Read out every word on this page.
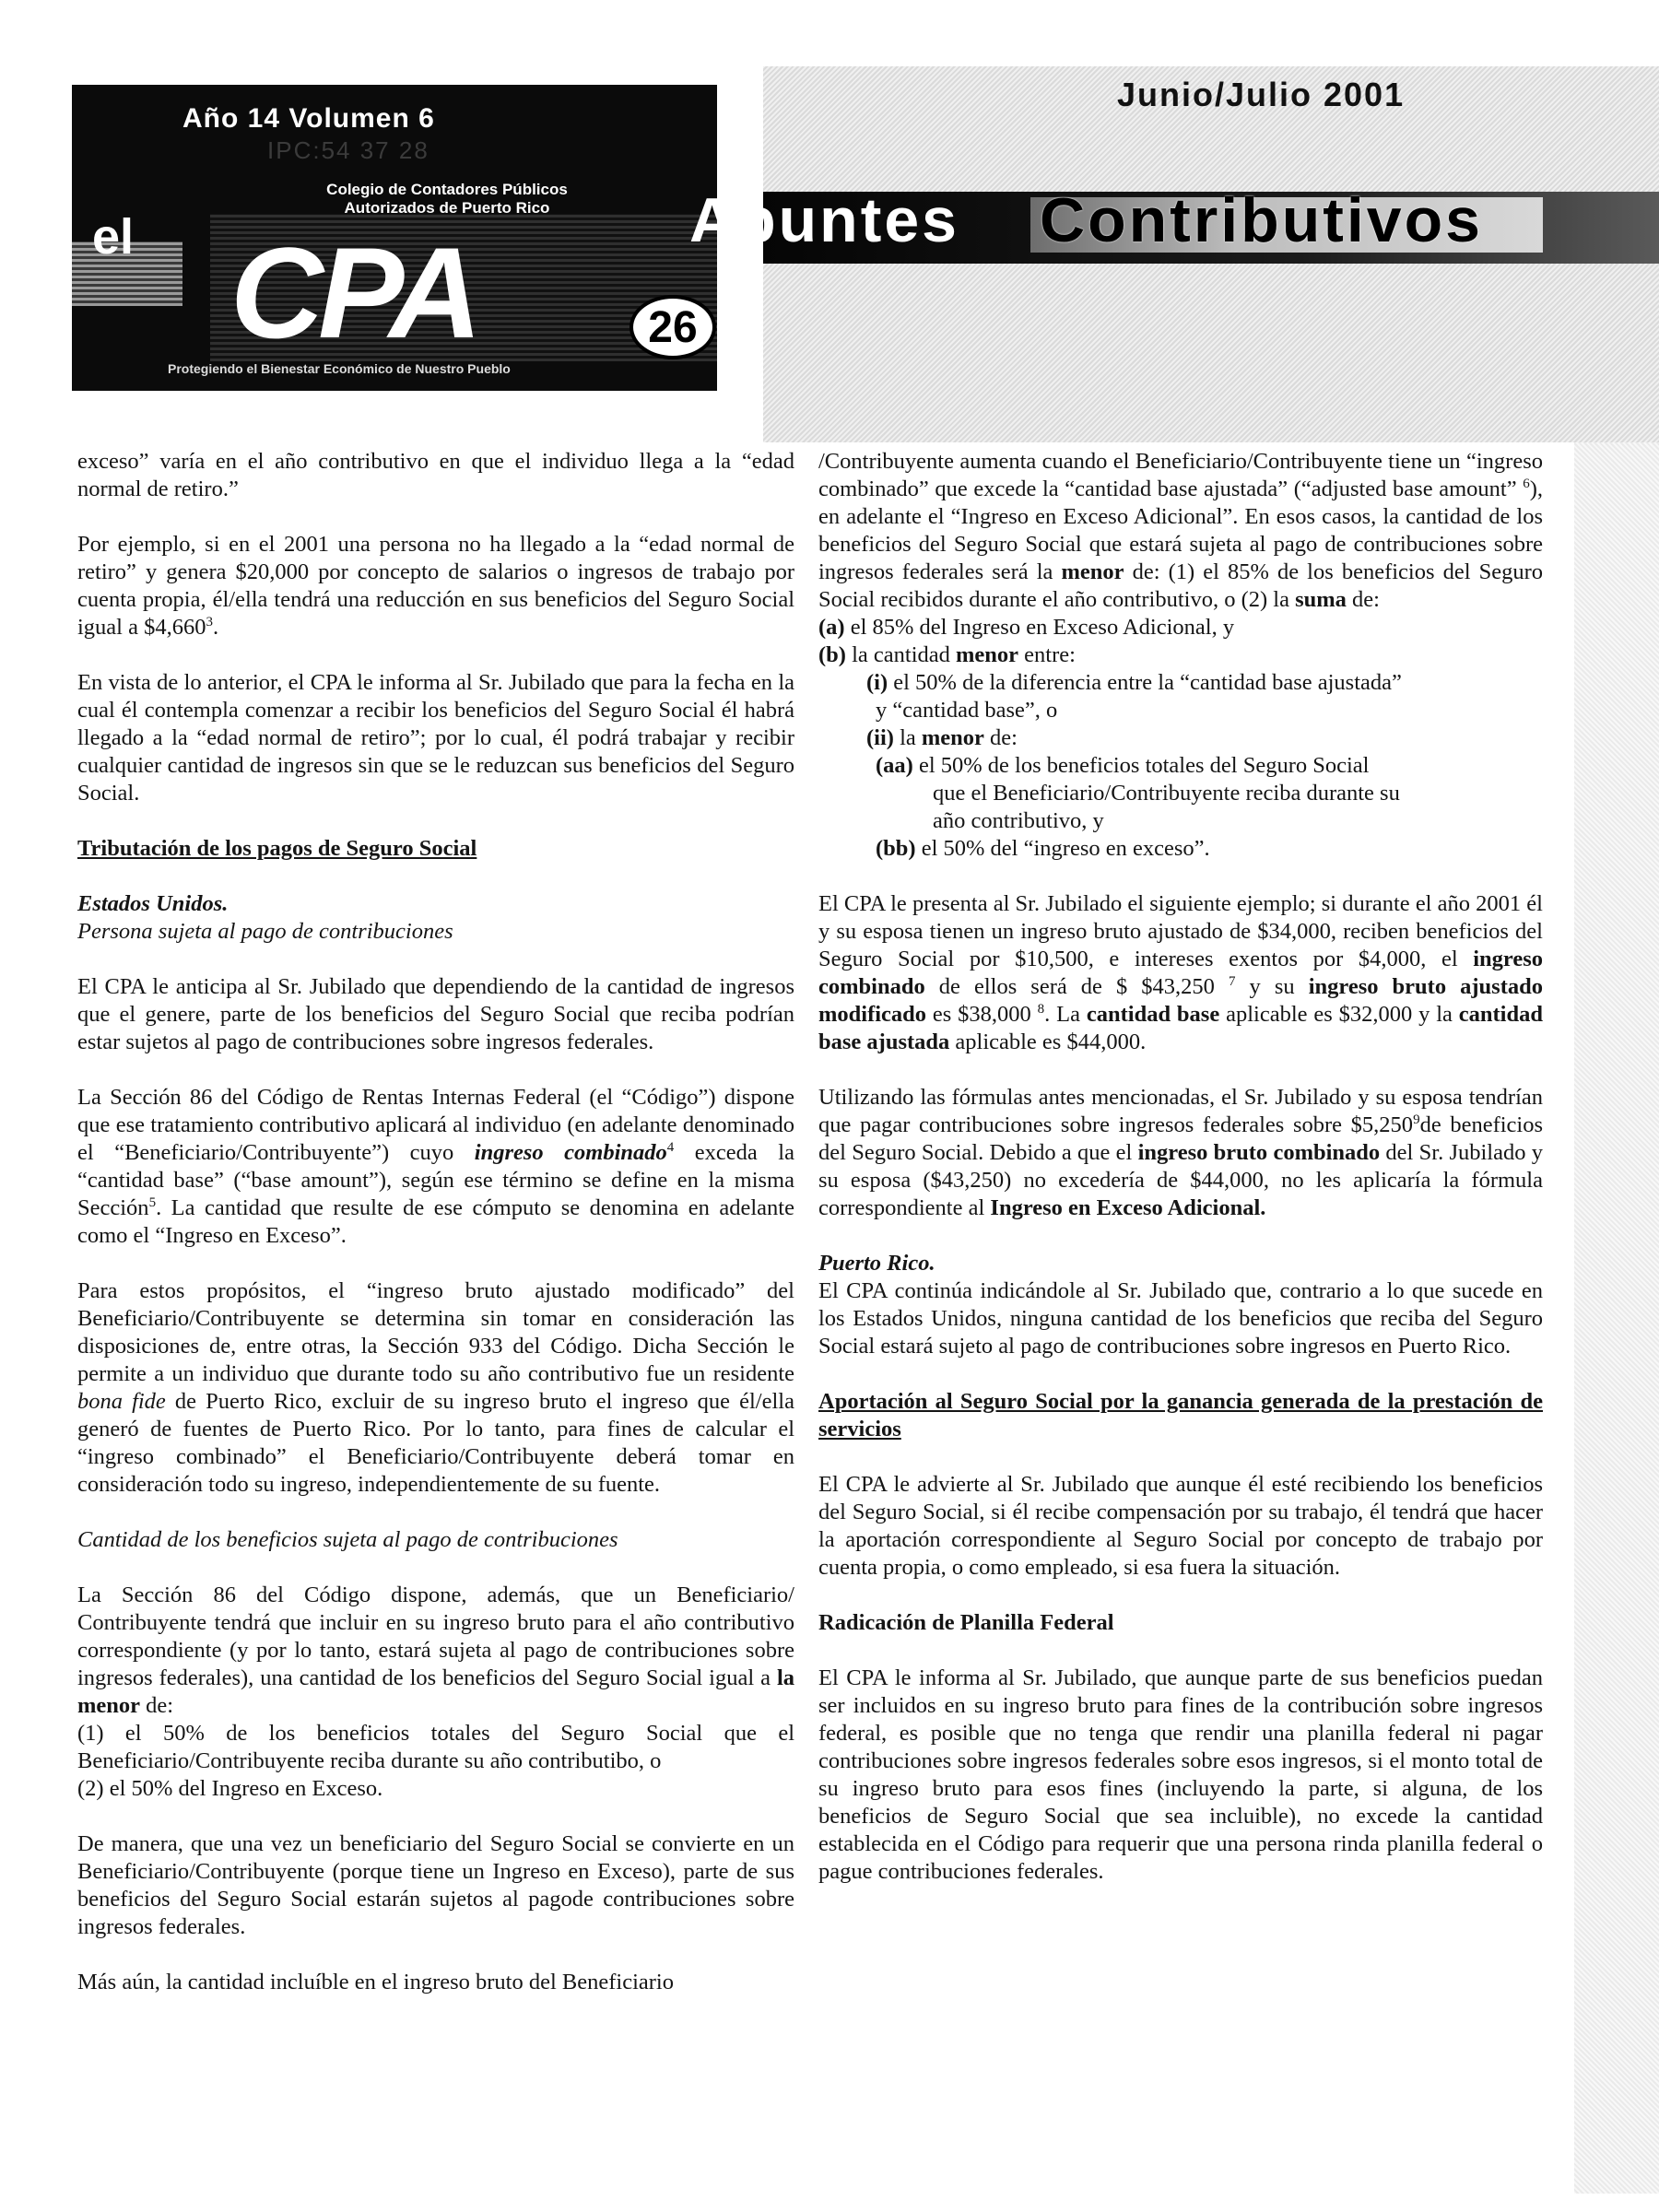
Año 14 Volumen 6
IPC:54 37 28
el
Colegio de Contadores Públicos Autorizados de Puerto Rico
CPA
Protegiendo el Bienestar Económico de Nuestro Pueblo
26
Junio/Julio 2001
Apuntes Contributivos

exceso” varía en el año contributivo en que el individuo llega a la “edad normal de retiro.”

Por ejemplo, si en el 2001 una persona no ha llegado a la “edad normal de retiro” y genera $20,000 por concepto de salarios o ingresos de trabajo por cuenta propia, él/ella tendrá una reducción en sus beneficios del Seguro Social igual a $4,660$^3$.

En vista de lo anterior, el CPA le informa al Sr. Jubilado que para la fecha en la cual él contempla comenzar a recibir los beneficios del Seguro Social él habrá llegado a la “edad normal de retiro”; por lo cual, él podrá trabajar y recibir cualquier cantidad de ingresos sin que se le reduzcan sus beneficios del Seguro Social.

Tributación de los pagos de Seguro Social
Estados Unidos.

Persona sujeta al pago de contribuciones

El CPA le anticipa al Sr. Jubilado que dependiendo de la cantidad de ingresos que el genere, parte de los beneficios del Seguro Social que reciba podrían estar sujetos al pago de contribuciones sobre ingresos federales.

La Sección 86 del Código de Rentas Internas Federal (el “Código”) dispone que ese tratamiento contributivo aplicará al individuo (en adelante denominado el “Beneficiario/Contribuyente”) cuyo ingreso combinado$^4$ exceda la “cantidad base” (“base amount”), según ese término se define en la misma Sección$^5$. La cantidad que resulte de ese cómputo se denomina en adelante como el “Ingreso en Exceso”.

Para estos propósitos, el “ingreso bruto ajustado modificado” del Beneficiario/Contribuyente se determina sin tomar en consideración las disposiciones de, entre otras, la Sección 933 del Código. Dicha Sección le permite a un individuo que durante todo su año contributivo fue un residente bona fide de Puerto Rico, excluir de su ingreso bruto el ingreso que él/ella generó de fuentes de Puerto Rico. Por lo tanto, para fines de calcular el “ingreso combinado” el Beneficiario/Contribuyente deberá tomar en consideración todo su ingreso, independientemente de su fuente.

Cantidad de los beneficios sujeta al pago de contribuciones

La Sección 86 del Código dispone, además, que un Beneficiario/ Contribuyente tendrá que incluir en su ingreso bruto para el año contributivo correspondiente (y por lo tanto, estará sujeta al pago de contribuciones sobre ingresos federales), una cantidad de los beneficios del Seguro Social igual a la menor de:

(1) el 50% de los beneficios totales del Seguro Social que el Beneficiario/Contribuyente reciba durante su año contributibo, o

(2) el 50% del Ingreso en Exceso.

De manera, que una vez un beneficiario del Seguro Social se convierte en un Beneficiario/Contribuyente (porque tiene un Ingreso en Exceso), parte de sus beneficios del Seguro Social estarán sujetos al pagode contribuciones sobre ingresos federales.

Más aún, la cantidad incluíble en el ingreso bruto del Beneficiario

/Contribuyente aumenta cuando el Beneficiario/Contribuyente tiene un “ingreso combinado” que excede la “cantidad base ajustada” (“adjusted base amount” $^6$), en adelante el “Ingreso en Exceso Adicional”. En esos casos, la cantidad de los beneficios del Seguro Social que estará sujeta al pago de contribuciones sobre ingresos federales será la menor de: (1) el 85% de los beneficios del Seguro Social recibidos durante el año contributivo, o (2) la suma de:

(a) el 85% del Ingreso en Exceso Adicional, y
(b) la cantidad menor entre:
(i) el 50% de la diferencia entre la “cantidad base ajustada”
y “cantidad base”, o
(ii) la menor de:
(aa) el 50% de los beneficios totales del Seguro Social
que el Beneficiario/Contribuyente reciba durante su
año contributivo, y
(bb) el 50% del “ingreso en exceso”.

El CPA le presenta al Sr. Jubilado el siguiente ejemplo; si durante el año 2001 él y su esposa tienen un ingreso bruto ajustado de $34,000, reciben beneficios del Seguro Social por $10,500, e intereses exentos por $4,000, el ingreso combinado de ellos será de $ $43,250 $^7$ y su ingreso bruto ajustado modificado es $38,000 $^8$. La cantidad base aplicable es $32,000 y la cantidad base ajustada aplicable es $44,000.

Utilizando las fórmulas antes mencionadas, el Sr. Jubilado y su esposa tendrían que pagar contribuciones sobre ingresos federales sobre $5,250$^9$de beneficios del Seguro Social. Debido a que el ingreso bruto combinado del Sr. Jubilado y su esposa ($43,250) no excedería de $44,000, no les aplicaría la fórmula correspondiente al Ingreso en Exceso Adicional.

Puerto Rico.

El CPA continúa indicándole al Sr. Jubilado que, contrario a lo que sucede en los Estados Unidos, ninguna cantidad de los beneficios que reciba del Seguro Social estará sujeto al pago de contribuciones sobre ingresos en Puerto Rico.

Aportación al Seguro Social por la ganancia generada de la prestación de servicios

El CPA le advierte al Sr. Jubilado que aunque él esté recibiendo los beneficios del Seguro Social, si él recibe compensación por su trabajo, él tendrá que hacer la aportación correspondiente al Seguro Social por concepto de trabajo por cuenta propia, o como empleado, si esa fuera la situación.

Radicación de Planilla Federal

El CPA le informa al Sr. Jubilado, que aunque parte de sus beneficios puedan ser incluidos en su ingreso bruto para fines de la contribución sobre ingresos federal, es posible que no tenga que rendir una planilla federal ni pagar contribuciones sobre ingresos federales sobre esos ingresos, si el monto total de su ingreso bruto para esos fines (incluyendo la parte, si alguna, de los beneficios de Seguro Social que sea incluible), no excede la cantidad establecida en el Código para requerir que una persona rinda planilla federal o pague contribuciones federales.
